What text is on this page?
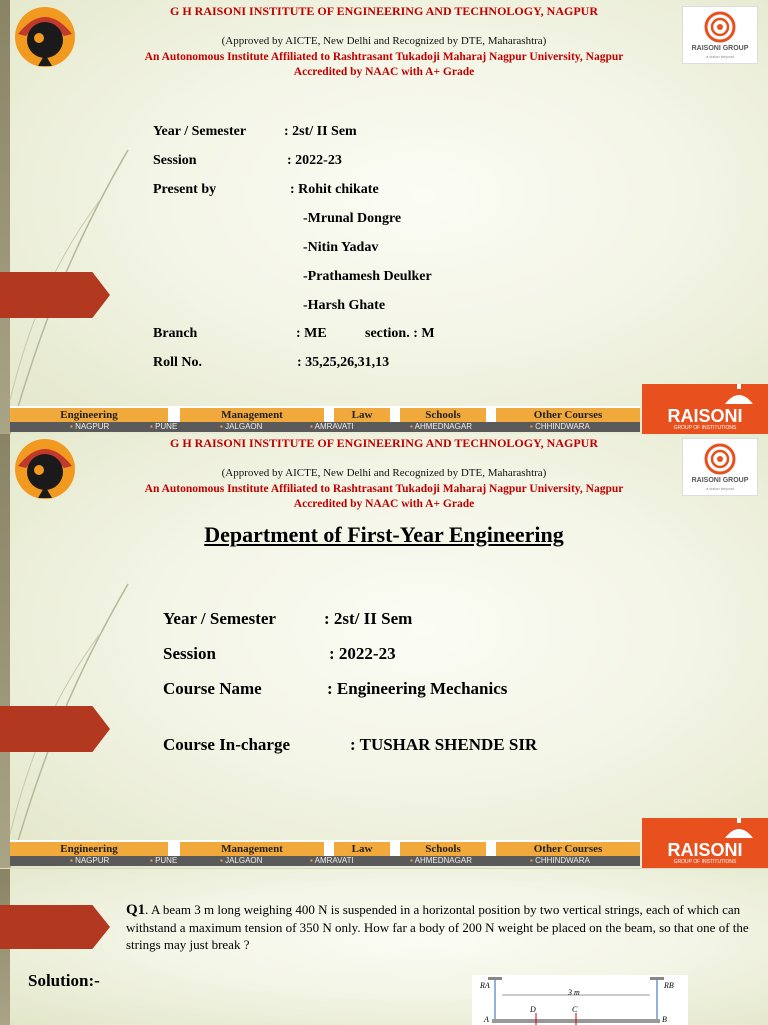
RAISONI GROUP
a vision beyond
G H RAISONI INSTITUTE OF ENGINEERING AND TECHNOLOGY, NAGPUR
(Approved by AICTE, New Delhi and Recognized by DTE, Maharashtra)
An Autonomous Institute Affiliated to Rashtrasant Tukadoji Maharaj Nagpur University, Nagpur
Accredited by NAAC with A+ Grade
Year / Semester	: 2st/ II Sem
Session	: 2022-23
Present by	: Rohit chikate
-Mrunal Dongre
-Nitin Yadav
-Prathamesh Deulker
-Harsh Ghate
Branch	: ME	section. : M
Roll No.	: 35,25,26,31,13
Engineering	Management	Law	Schools	Other Courses
▪ NAGPUR	▪ PUNE	▪ JALGAON	▪ AMRAVATI	▪ AHMEDNAGAR	▪ CHHINDWARA
RAISONI
GROUP OF INSTITUTIONS
RAISONI GROUP
a vision beyond
G H RAISONI INSTITUTE OF ENGINEERING AND TECHNOLOGY, NAGPUR
(Approved by AICTE, New Delhi and Recognized by DTE, Maharashtra)
An Autonomous Institute Affiliated to Rashtrasant Tukadoji Maharaj Nagpur University, Nagpur
Accredited by NAAC with A+ Grade
Department of First-Year Engineering
Year / Semester	: 2st/ II Sem
Session	: 2022-23
Course Name	: Engineering Mechanics
Course In-charge	: TUSHAR SHENDE SIR
Engineering	Management	Law	Schools	Other Courses
▪ NAGPUR	▪ PUNE	▪ JALGAON	▪ AMRAVATI	▪ AHMEDNAGAR	▪ CHHINDWARA
RAISONI
GROUP OF INSTITUTIONS
Q1. A beam 3 m long weighing 400 N is suspended in a horizontal position by two vertical strings, each of which can withstand a maximum tension of 350 N only. How far a body of 200 N weight be placed on the beam, so that one of the strings may just break ?
Solution:-	RA	RB
3 m
D	C
A	B
